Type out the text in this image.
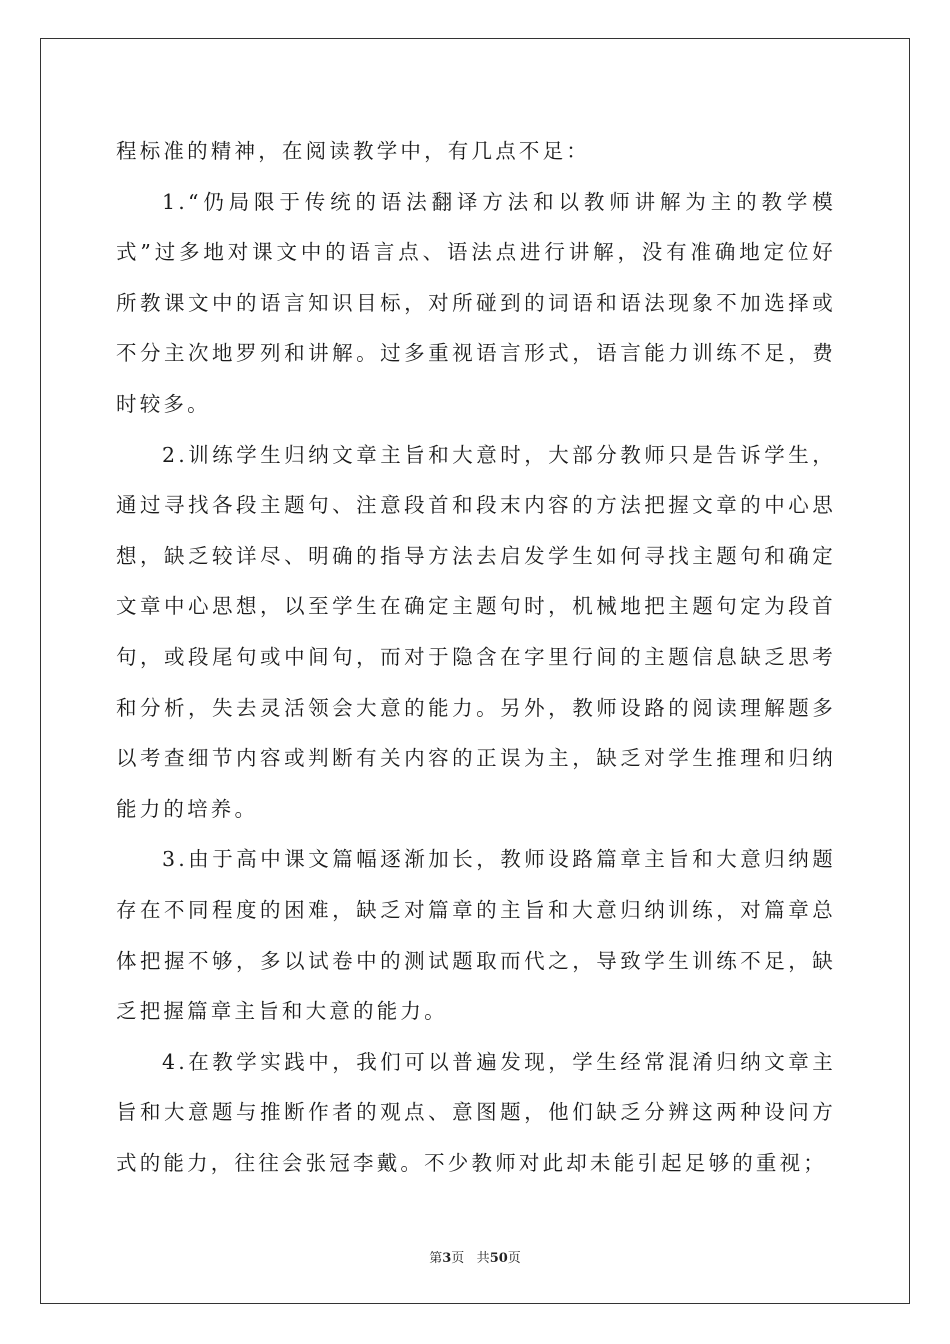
程标准的精神，在阅读教学中，有几点不足：

1.“仍局限于传统的语法翻译方法和以教师讲解为主的教学模式”过多地对课文中的语言点、语法点进行讲解，没有准确地定位好所教课文中的语言知识目标，对所碰到的词语和语法现象不加选择或不分主次地罗列和讲解。过多重视语言形式，语言能力训练不足，费时较多。

2.训练学生归纳文章主旨和大意时，大部分教师只是告诉学生，通过寻找各段主题句、注意段首和段末内容的方法把握文章的中心思想，缺乏较详尽、明确的指导方法去启发学生如何寻找主题句和确定文章中心思想，以至学生在确定主题句时，机械地把主题句定为段首句，或段尾句或中间句，而对于隐含在字里行间的主题信息缺乏思考和分析，失去灵活领会大意的能力。另外，教师设路的阅读理解题多以考查细节内容或判断有关内容的正误为主，缺乏对学生推理和归纳能力的培养。

3.由于高中课文篇幅逐渐加长，教师设路篇章主旨和大意归纳题存在不同程度的困难，缺乏对篇章的主旨和大意归纳训练，对篇章总体把握不够，多以试卷中的测试题取而代之，导致学生训练不足，缺乏把握篇章主旨和大意的能力。

4.在教学实践中，我们可以普遍发现，学生经常混淆归纳文章主旨和大意题与推断作者的观点、意图题，他们缺乏分辨这两种设问方式的能力，往往会张冠李戴。不少教师对此却未能引起足够的重视；

第3页 共50页
